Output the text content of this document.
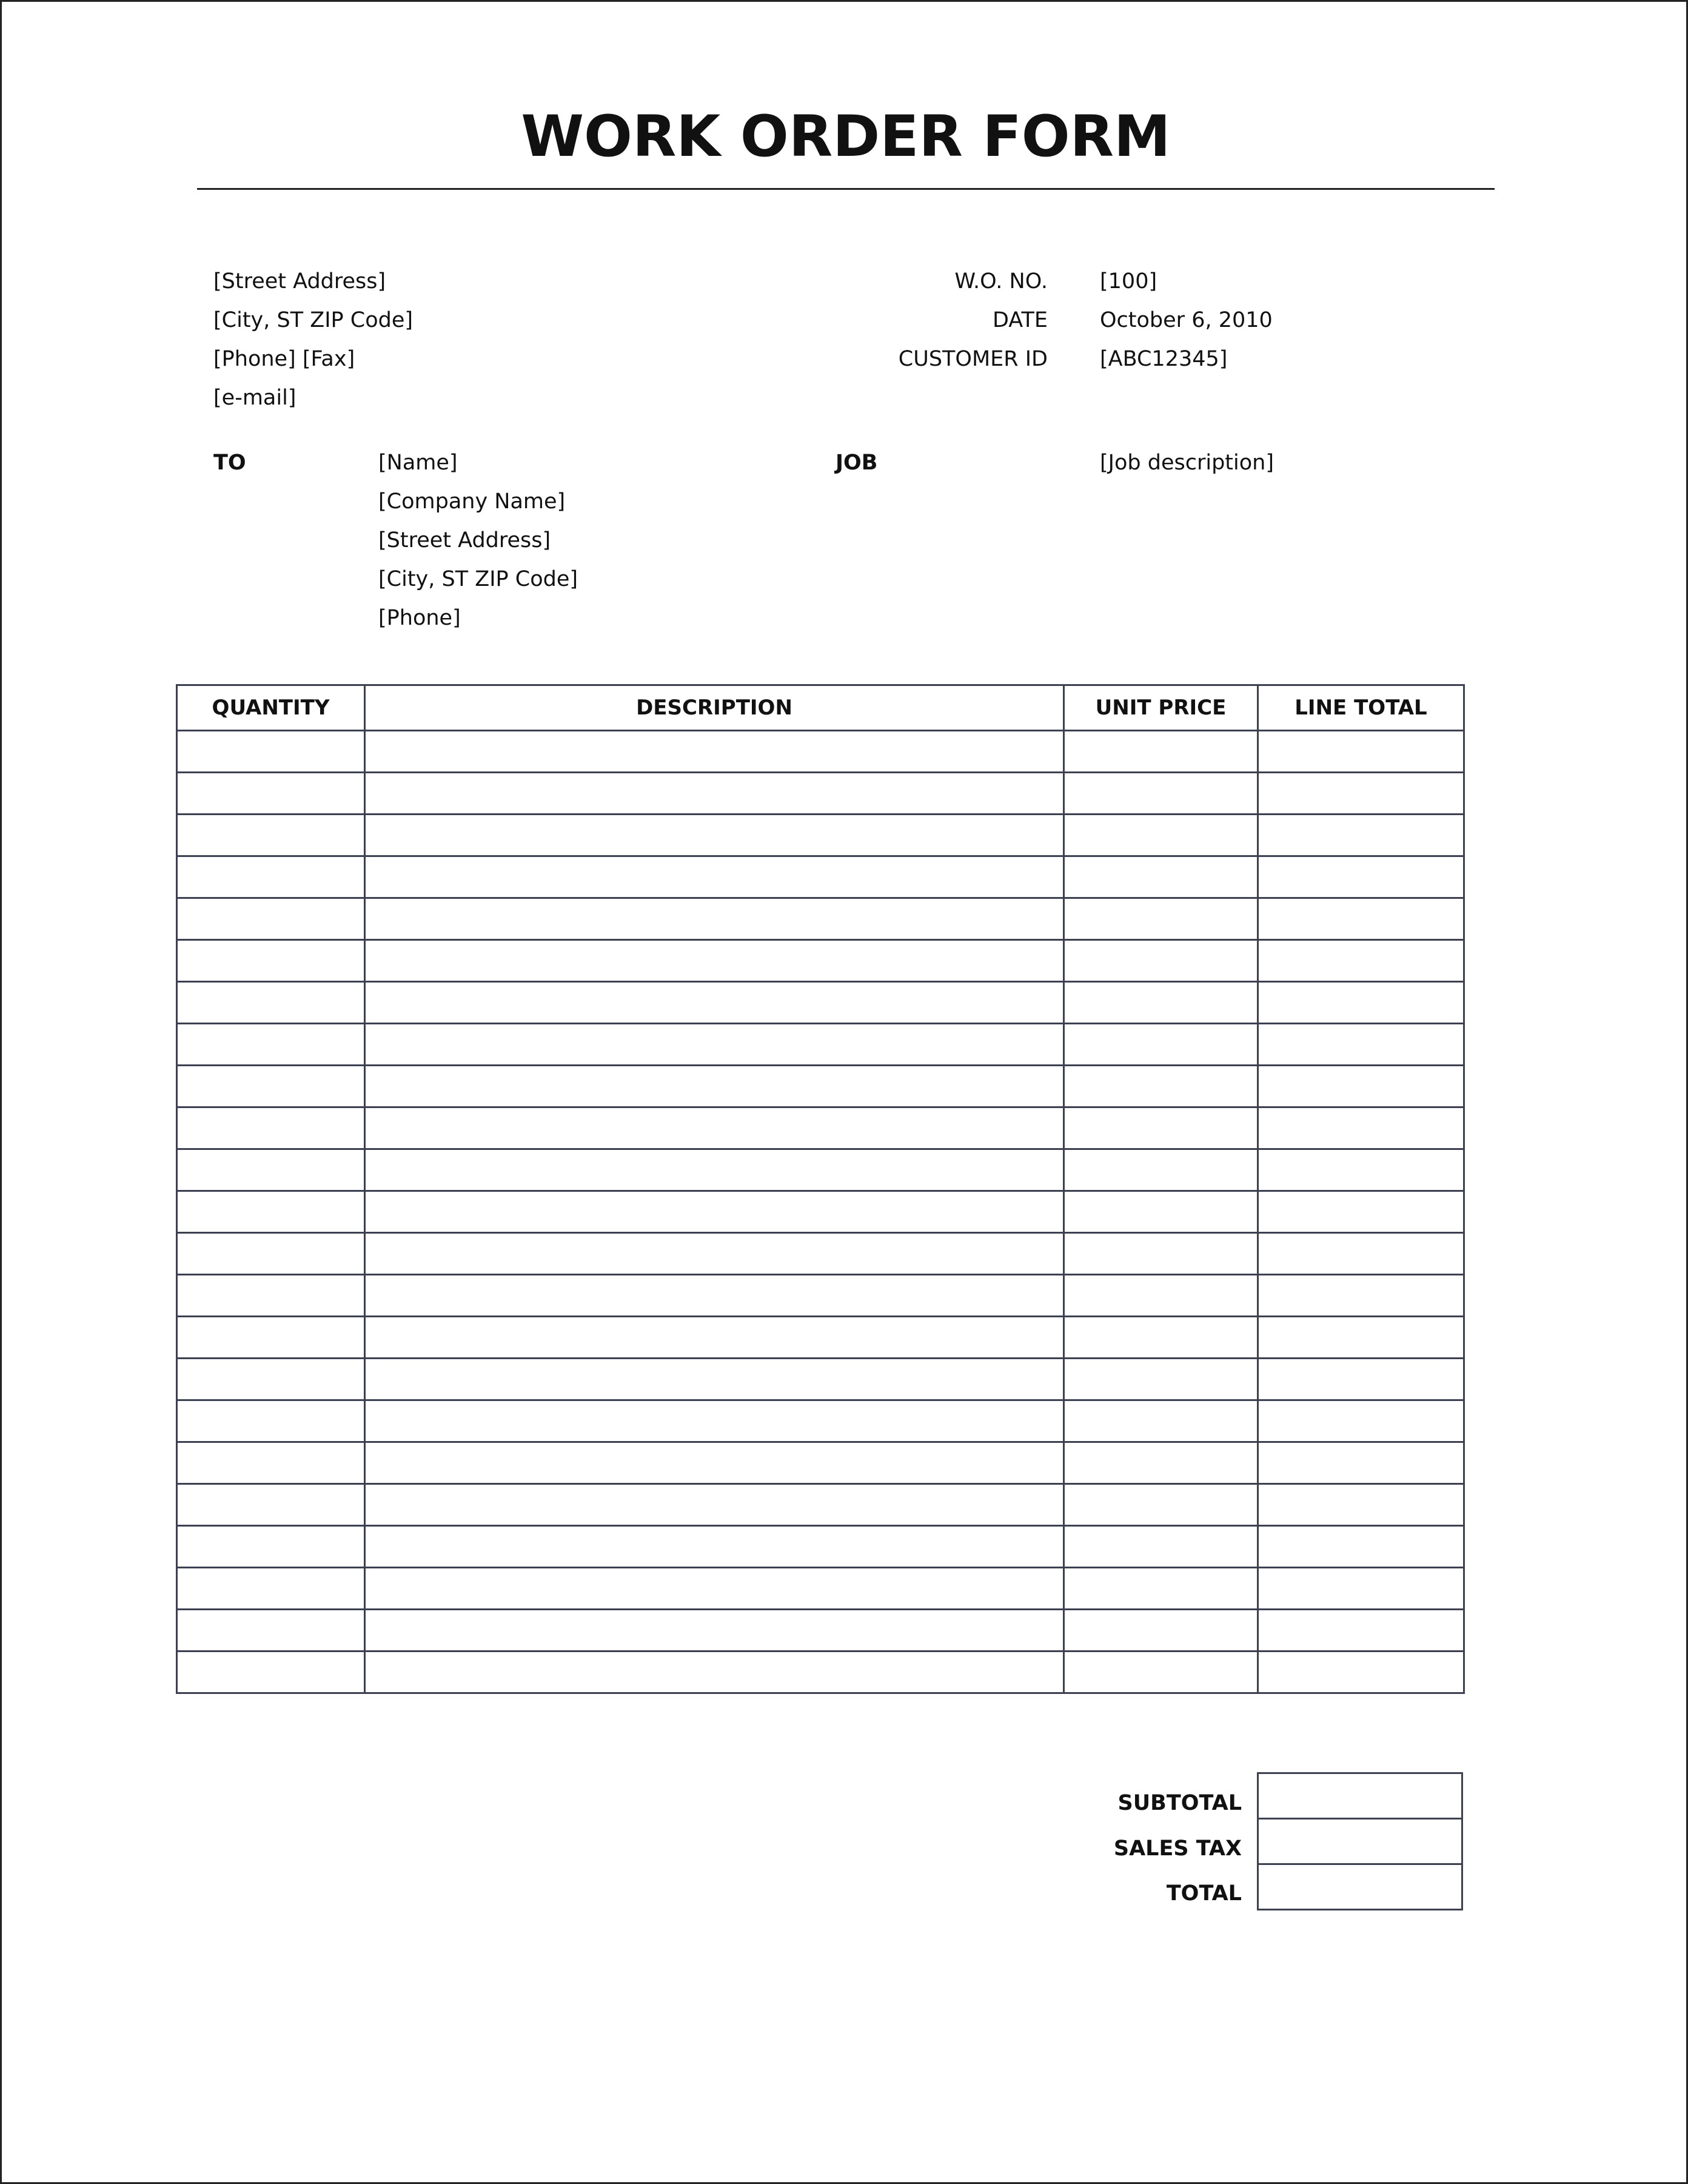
WORK ORDER FORM
[Street Address]
[City, ST ZIP Code]
[Phone] [Fax]
[e-mail]
W.O. NO. [100]
DATE October 6, 2010
CUSTOMER ID [ABC12345]
TO	[Name]
[Company Name]
[Street Address]
[City, ST ZIP Code]
[Phone]
JOB	[Job description]
QUANTITY	DESCRIPTION	UNIT PRICE	LINE TOTAL

SUBTOTAL
SALES TAX
TOTAL
